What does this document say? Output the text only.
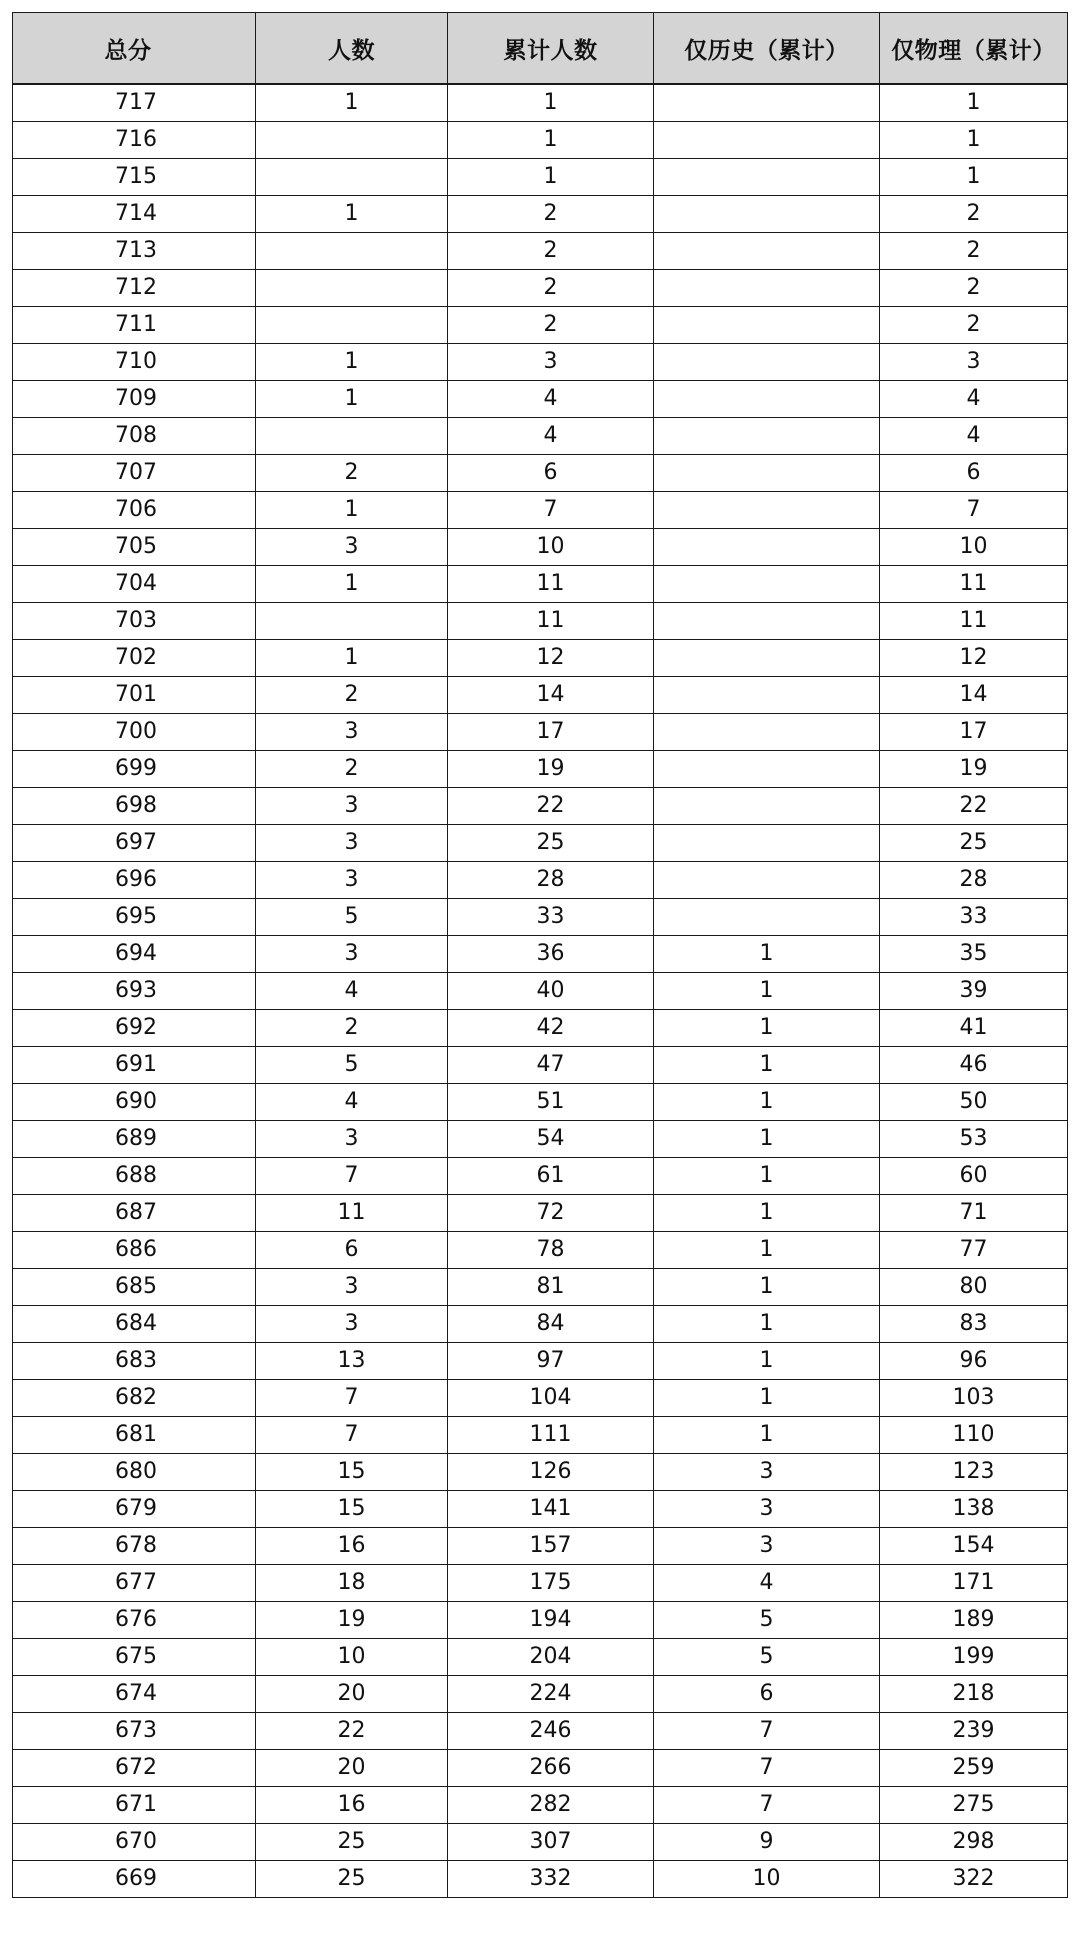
总分	人数	累计人数	仅历史（累计）	仅物理（累计）
717	1	1		1
716		1		1
715		1		1
714	1	2		2
713		2		2
712		2		2
711		2		2
710	1	3		3
709	1	4		4
708		4		4
707	2	6		6
706	1	7		7
705	3	10		10
704	1	11		11
703		11		11
702	1	12		12
701	2	14		14
700	3	17		17
699	2	19		19
698	3	22		22
697	3	25		25
696	3	28		28
695	5	33		33
694	3	36	1	35
693	4	40	1	39
692	2	42	1	41
691	5	47	1	46
690	4	51	1	50
689	3	54	1	53
688	7	61	1	60
687	11	72	1	71
686	6	78	1	77
685	3	81	1	80
684	3	84	1	83
683	13	97	1	96
682	7	104	1	103
681	7	111	1	110
680	15	126	3	123
679	15	141	3	138
678	16	157	3	154
677	18	175	4	171
676	19	194	5	189
675	10	204	5	199
674	20	224	6	218
673	22	246	7	239
672	20	266	7	259
671	16	282	7	275
670	25	307	9	298
669	25	332	10	322
